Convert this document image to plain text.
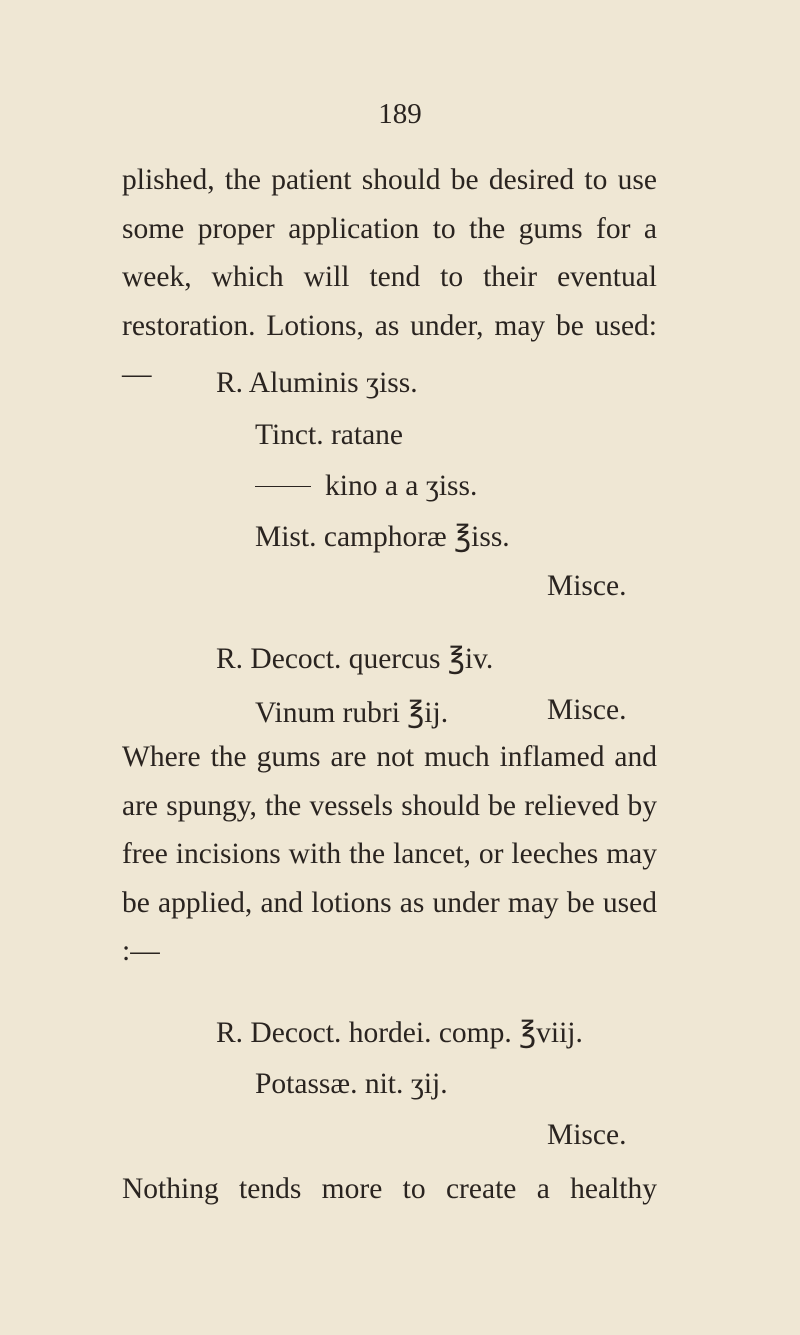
189
plished, the patient should be desired to use some proper application to the gums for a week, which will tend to their eventual restoration. Lotions, as under, may be used:—	R. Aluminis ʒiss.
Tinct. ratane
kino a a ʒiss.
Mist. camphoræ ℥iss.
Misce.
R. Decoct. quercus ℥iv.
Vinum rubri ℥ij.	Misce.
Where the gums are not much inflamed and are spungy, the vessels should be relieved by free incisions with the lancet, or leeches may be applied, and lotions as under may be used :—
R. Decoct. hordei. comp. ℥viij.
Potassæ. nit. ʒij.
Misce.
Nothing tends more to create a healthy
